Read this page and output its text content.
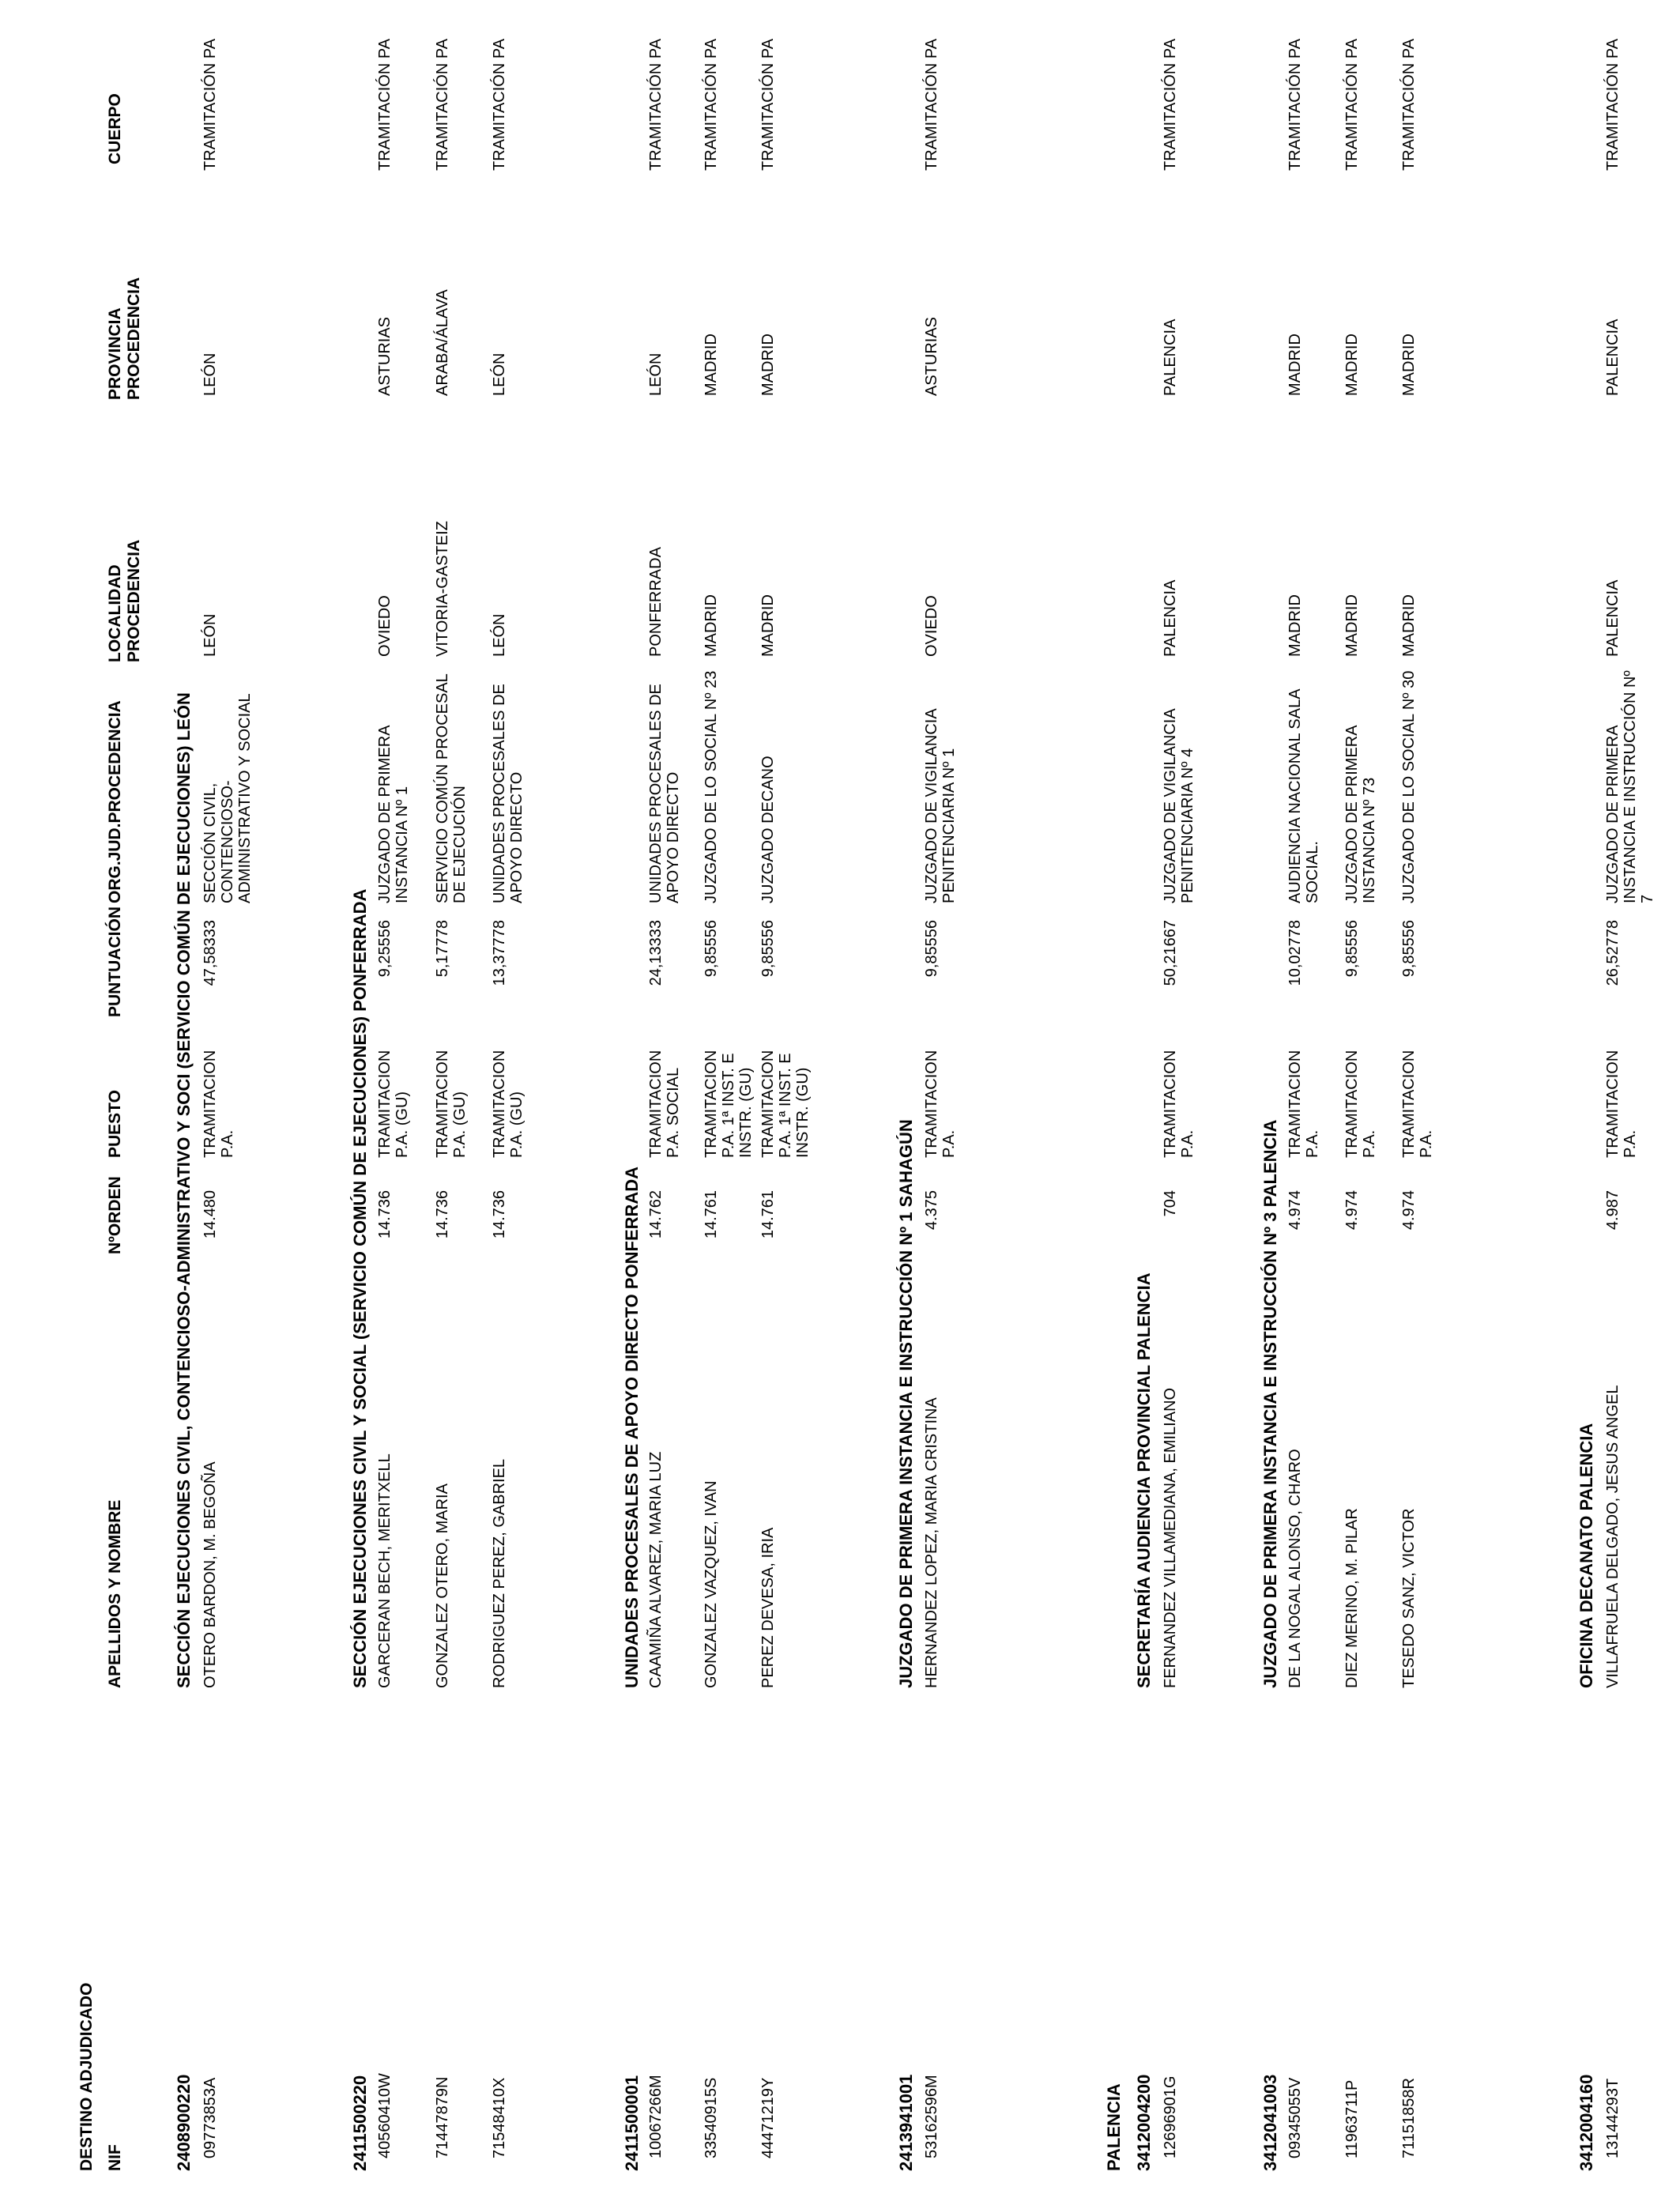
DESTINO ADJUDICADO NIF
APELLIDOS Y NOMBRE
NºORDEN
PUESTO
PUNTUACIÓN
ORG.JUD.PROCEDENCIA
LOCALIDAD PROCEDENCIA
PROVINCIA PROCEDENCIA
CUERPO
PALENCIA
2408900220
SECCIÓN EJECUCIONES CIVIL, CONTENCIOSO-ADMINISTRATIVO Y SOCI (SERVICIO COMÚN DE EJECUCIONES) LEÓN
09773853A
OTERO BARDON, M. BEGOÑA
14.480
TRAMITACION P.A.
47,58333
SECCIÓN CIVIL, CONTENCIOSO-ADMINISTRATIVO Y SOCIAL
LEÓN
LEÓN
TRAMITACIÓN PA
2411500220
SECCIÓN EJECUCIONES CIVIL Y SOCIAL (SERVICIO COMÚN DE EJECUCIONES) PONFERRADA
40560410W
GARCERAN BECH, MERITXELL
14.736
TRAMITACION P.A. (GU)
9,25556
JUZGADO DE PRIMERA INSTANCIA Nº 1
OVIEDO
ASTURIAS
TRAMITACIÓN PA
71447879N
GONZALEZ OTERO, MARIA
14.736
TRAMITACION P.A. (GU)
5,17778
SERVICIO COMÚN PROCESAL DE EJECUCIÓN
VITORIA-GASTEIZ
ARABA/ÁLAVA
TRAMITACIÓN PA
71548410X
RODRIGUEZ PEREZ, GABRIEL
14.736
TRAMITACION P.A. (GU)
13,37778
UNIDADES PROCESALES DE APOYO DIRECTO
LEÓN
LEÓN
TRAMITACIÓN PA
2411500001
UNIDADES PROCESALES DE APOYO DIRECTO PONFERRADA
10067266M
CAAMIÑA ALVAREZ, MARIA LUZ
14.762
TRAMITACION P.A. SOCIAL
24,13333
UNIDADES PROCESALES DE APOYO DIRECTO
PONFERRADA
LEÓN
TRAMITACIÓN PA
33540915S
GONZALEZ VAZQUEZ, IVAN
14.761
TRAMITACION P.A. 1ª INST. E INSTR. (GU)
9,85556
JUZGADO DE LO SOCIAL Nº 23
MADRID
MADRID
TRAMITACIÓN PA
44471219Y
PEREZ DEVESA, IRIA
14.761
TRAMITACION P.A. 1ª INST. E INSTR. (GU)
9,85556
JUZGADO DECANO
MADRID
MADRID
TRAMITACIÓN PA
2413941001
JUZGADO DE PRIMERA INSTANCIA E INSTRUCCIÓN Nº 1 SAHAGÚN
53162596M
HERNANDEZ LOPEZ, MARIA CRISTINA
4.375
TRAMITACION P.A.
9,85556
JUZGADO DE VIGILANCIA PENITENCIARIA Nº 1
OVIEDO
ASTURIAS
TRAMITACIÓN PA
3412004200
SECRETARÍA AUDIENCIA PROVINCIAL PALENCIA
12696901G
FERNANDEZ VILLAMEDIANA, EMILIANO
704
TRAMITACION P.A.
50,21667
JUZGADO DE VIGILANCIA PENITENCIARIA Nº 4
PALENCIA
PALENCIA
TRAMITACIÓN PA
3412041003
JUZGADO DE PRIMERA INSTANCIA E INSTRUCCIÓN Nº 3 PALENCIA
09345055V
DE LA NOGAL ALONSO, CHARO
4.974
TRAMITACION P.A.
10,02778
AUDIENCIA NACIONAL SALA SOCIAL.
MADRID
MADRID
TRAMITACIÓN PA
11963711P
DIEZ MERINO, M. PILAR
4.974
TRAMITACION P.A.
9,85556
JUZGADO DE PRIMERA INSTANCIA Nº 73
MADRID
MADRID
TRAMITACIÓN PA
71151858R
TESEDO SANZ, VICTOR
4.974
TRAMITACION P.A.
9,85556
JUZGADO DE LO SOCIAL Nº 30
MADRID
MADRID
TRAMITACIÓN PA
3412004160
OFICINA DECANATO PALENCIA
13144293T
VILLAFRUELA DELGADO, JESUS ANGEL
4.987
TRAMITACION P.A.
26,52778
JUZGADO DE PRIMERA INSTANCIA E INSTRUCCIÓN Nº 7
PALENCIA
PALENCIA
TRAMITACIÓN PA
